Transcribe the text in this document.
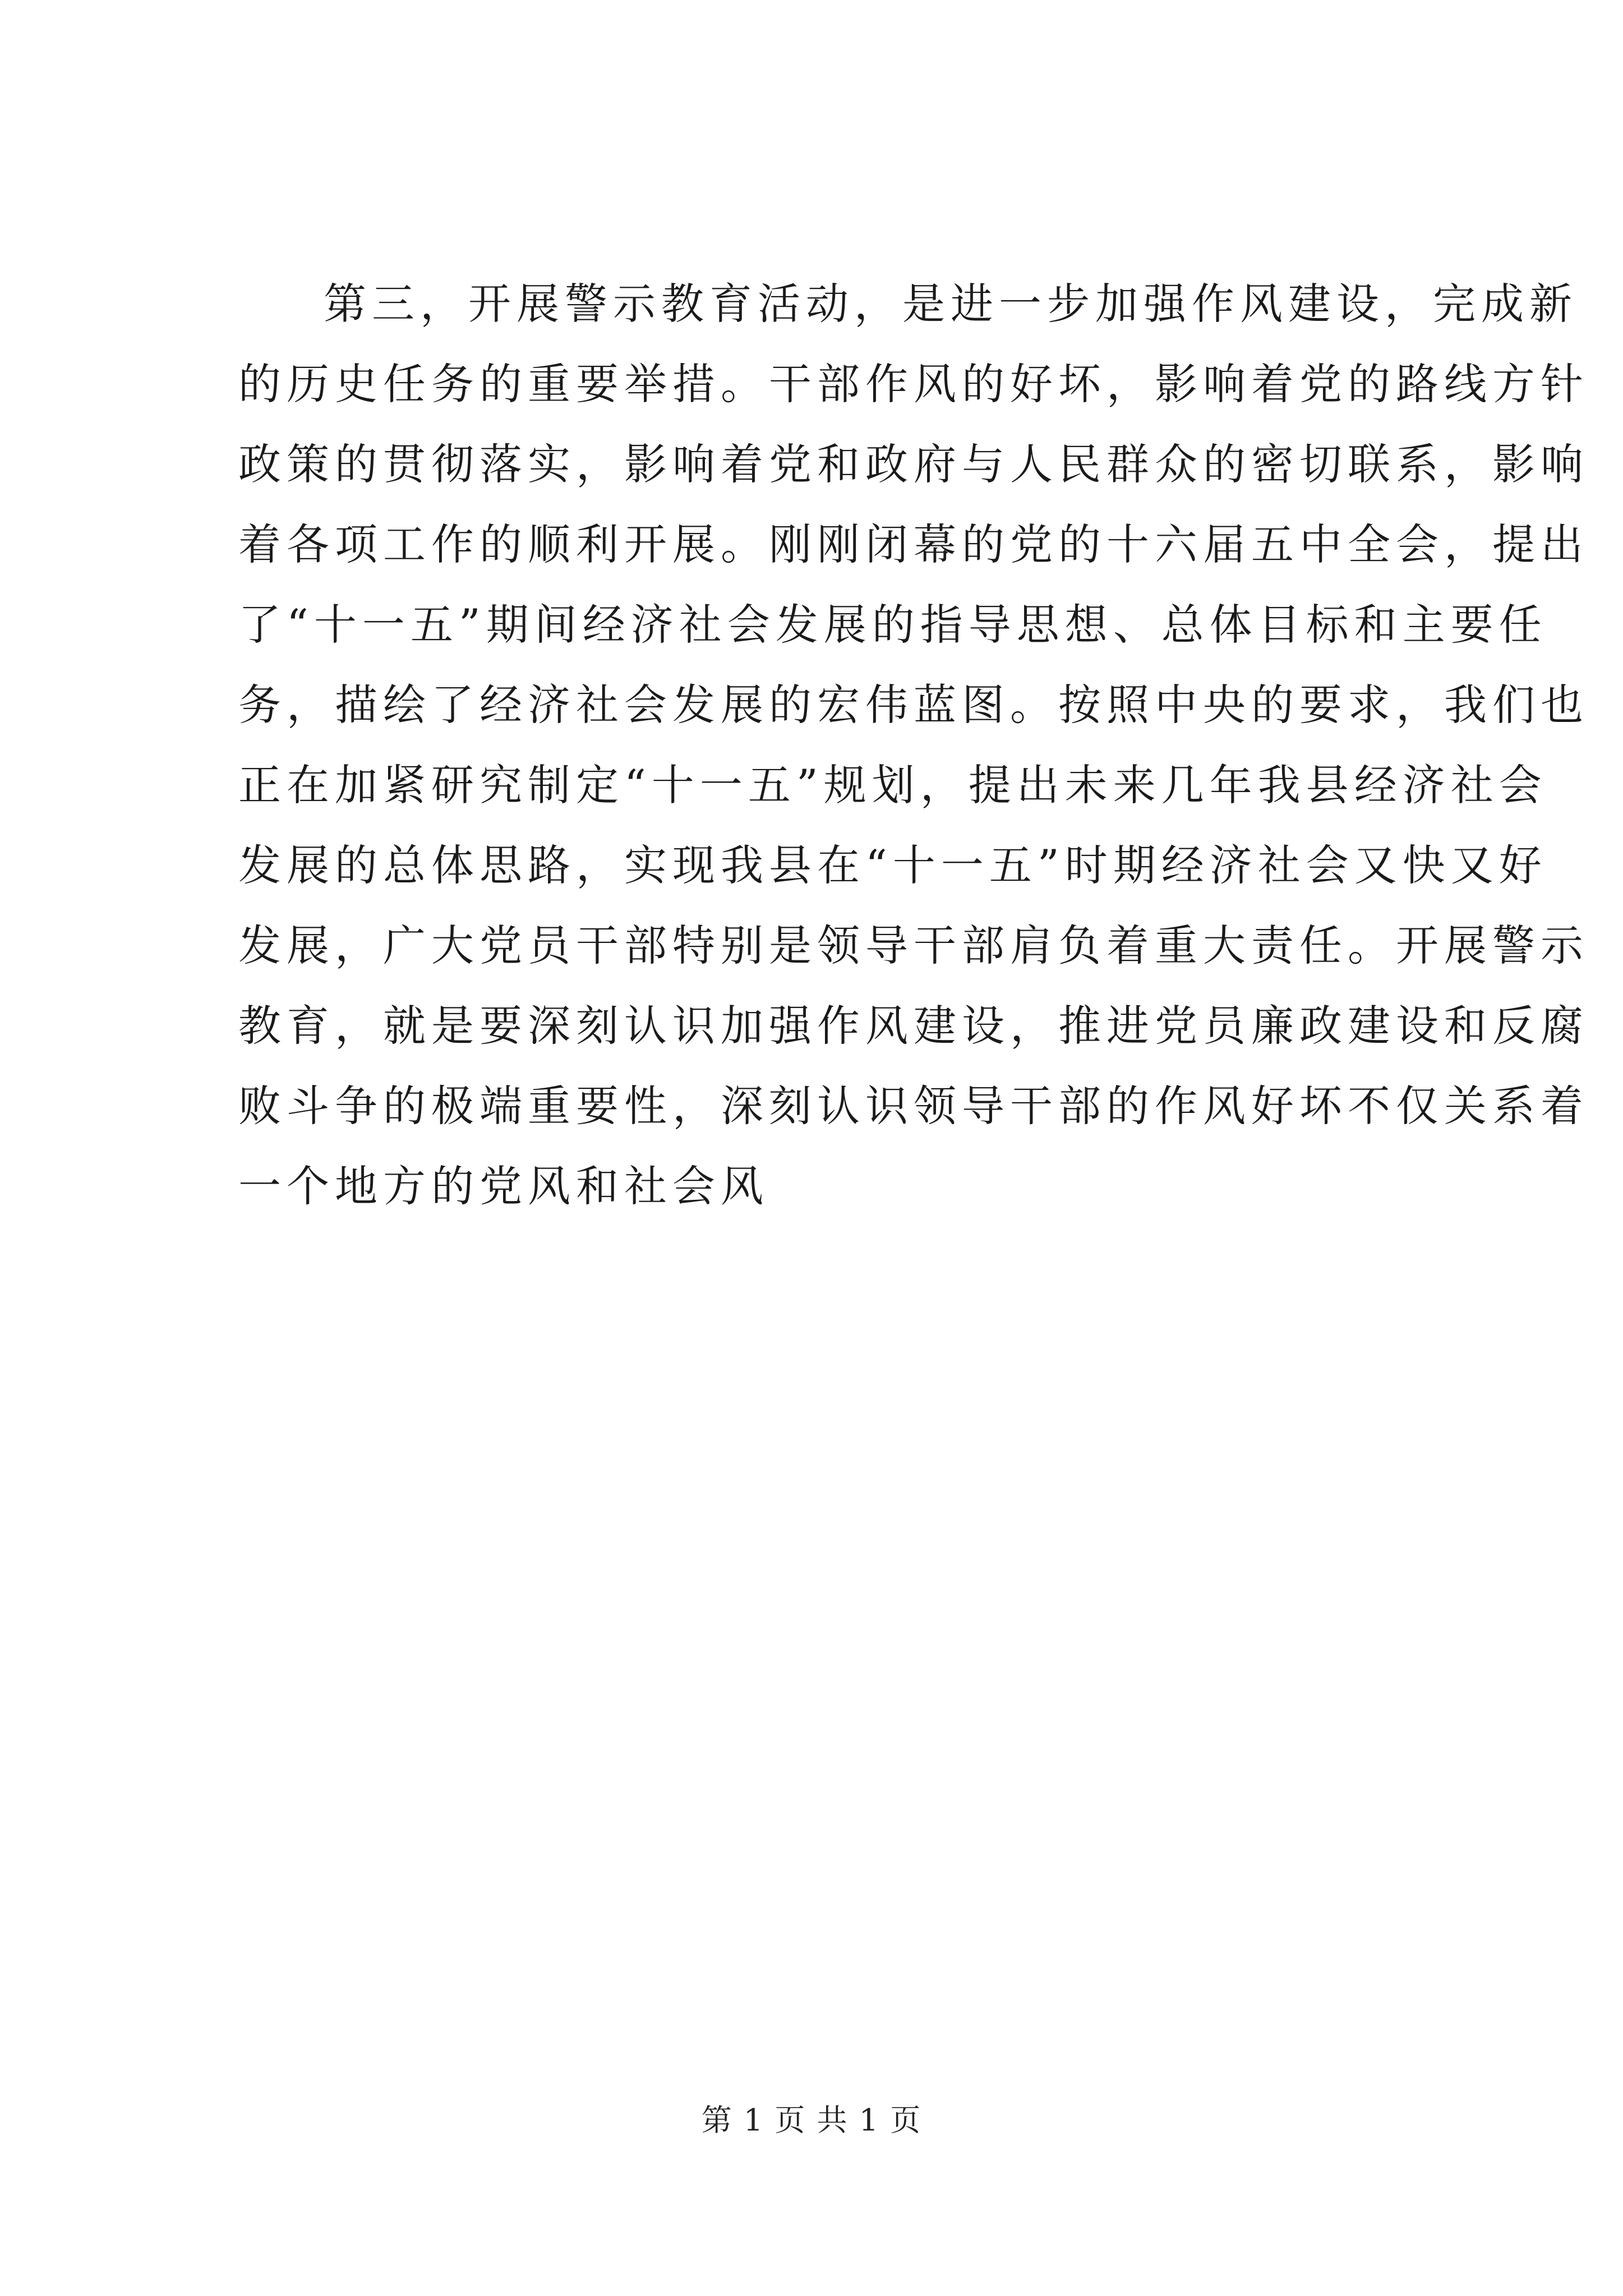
第三，开展警示教育活动，是进一步加强作风建设，完成新
的历史任务的重要举措。干部作风的好坏，影响着党的路线方针
政策的贯彻落实，影响着党和政府与人民群众的密切联系，影响
着各项工作的顺利开展。刚刚闭幕的党的十六届五中全会，提出
了“十一五”期间经济社会发展的指导思想、总体目标和主要任
务，描绘了经济社会发展的宏伟蓝图。按照中央的要求，我们也
正在加紧研究制定“十一五”规划，提出未来几年我县经济社会
发展的总体思路，实现我县在“十一五”时期经济社会又快又好
发展，广大党员干部特别是领导干部肩负着重大责任。开展警示
教育，就是要深刻认识加强作风建设，推进党员廉政建设和反腐
败斗争的极端重要性，深刻认识领导干部的作风好坏不仅关系着
一个地方的党风和社会风
第 1 页 共 1 页
